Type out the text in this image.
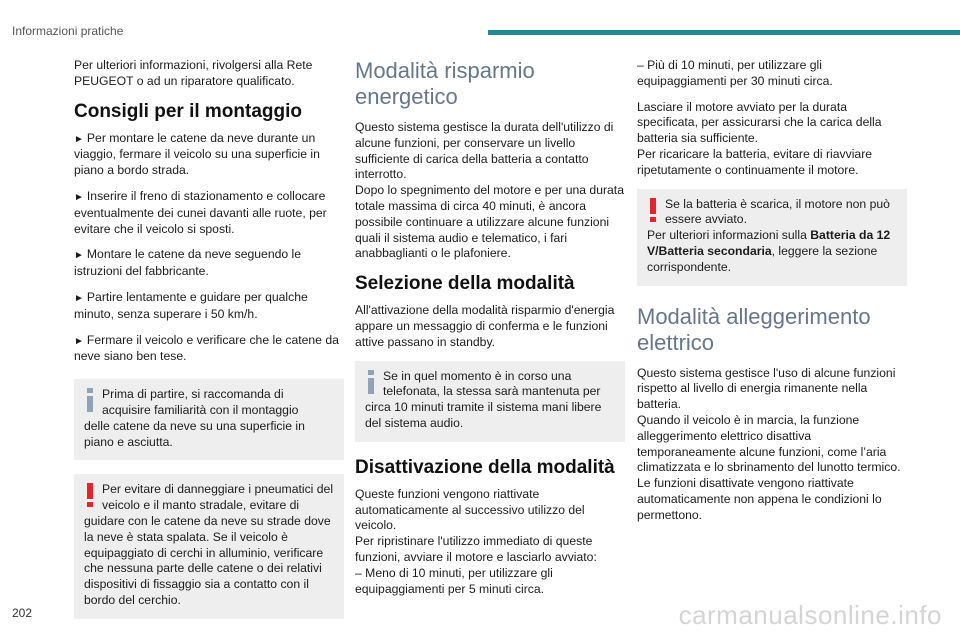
Informazioni pratiche

Per ulteriori informazioni, rivolgersi alla Rete PEUGEOT o ad un riparatore qualificato.

Consigli per il montaggio

► Per montare le catene da neve durante un viaggio, fermare il veicolo su una superficie in piano a bordo strada.

► Inserire il freno di stazionamento e collocare eventualmente dei cunei davanti alle ruote, per evitare che il veicolo si sposti.

► Montare le catene da neve seguendo le istruzioni del fabbricante.

► Partire lentamente e guidare per qualche minuto, senza superare i 50 km/h.

► Fermare il veicolo e verificare che le catene da neve siano ben tese.

Prima di partire, si raccomanda di acquisire familiarità con il montaggio

delle catene da neve su una superficie in piano e asciutta.

Per evitare di danneggiare i pneumatici del veicolo e il manto stradale, evitare di

guidare con le catene da neve su strade dove la neve è stata spalata. Se il veicolo è equipaggiato di cerchi in alluminio, verificare che nessuna parte delle catene o dei relativi dispositivi di fissaggio sia a contatto con il bordo del cerchio.

Modalità risparmio energetico

Questo sistema gestisce la durata dell'utilizzo di alcune funzioni, per conservare un livello sufficiente di carica della batteria a contatto interrotto.

Dopo lo spegnimento del motore e per una durata totale massima di circa 40 minuti, è ancora possibile continuare a utilizzare alcune funzioni quali il sistema audio e telematico, i fari anabbaglianti o le plafoniere.

Selezione della modalità

All'attivazione della modalità risparmio d'energia appare un messaggio di conferma e le funzioni attive passano in standby.

Se in quel momento è in corso una telefonata, la stessa sarà mantenuta per

circa 10 minuti tramite il sistema mani libere del sistema audio.

Disattivazione della modalità

Queste funzioni vengono riattivate automaticamente al successivo utilizzo del veicolo.

Per ripristinare l'utilizzo immediato di queste funzioni, avviare il motore e lasciarlo avviato:

– Meno di 10 minuti, per utilizzare gli equipaggiamenti per 5 minuti circa.

– Più di 10 minuti, per utilizzare gli equipaggiamenti per 30 minuti circa.

Lasciare il motore avviato per la durata specificata, per assicurarsi che la carica della batteria sia sufficiente.

Per ricaricare la batteria, evitare di riavviare ripetutamente o continuamente il motore.

Se la batteria è scarica, il motore non può essere avviato.

Per ulteriori informazioni sulla Batteria da 12 V/Batteria secondaria, leggere la sezione corrispondente.

Modalità alleggerimento elettrico

Questo sistema gestisce l'uso di alcune funzioni rispetto al livello di energia rimanente nella batteria.

Quando il veicolo è in marcia, la funzione alleggerimento elettrico disattiva temporaneamente alcune funzioni, come l’aria climatizzata e lo sbrinamento del lunotto termico.

Le funzioni disattivate vengono riattivate automaticamente non appena le condizioni lo permettono.

202	carmanualsonline.info
